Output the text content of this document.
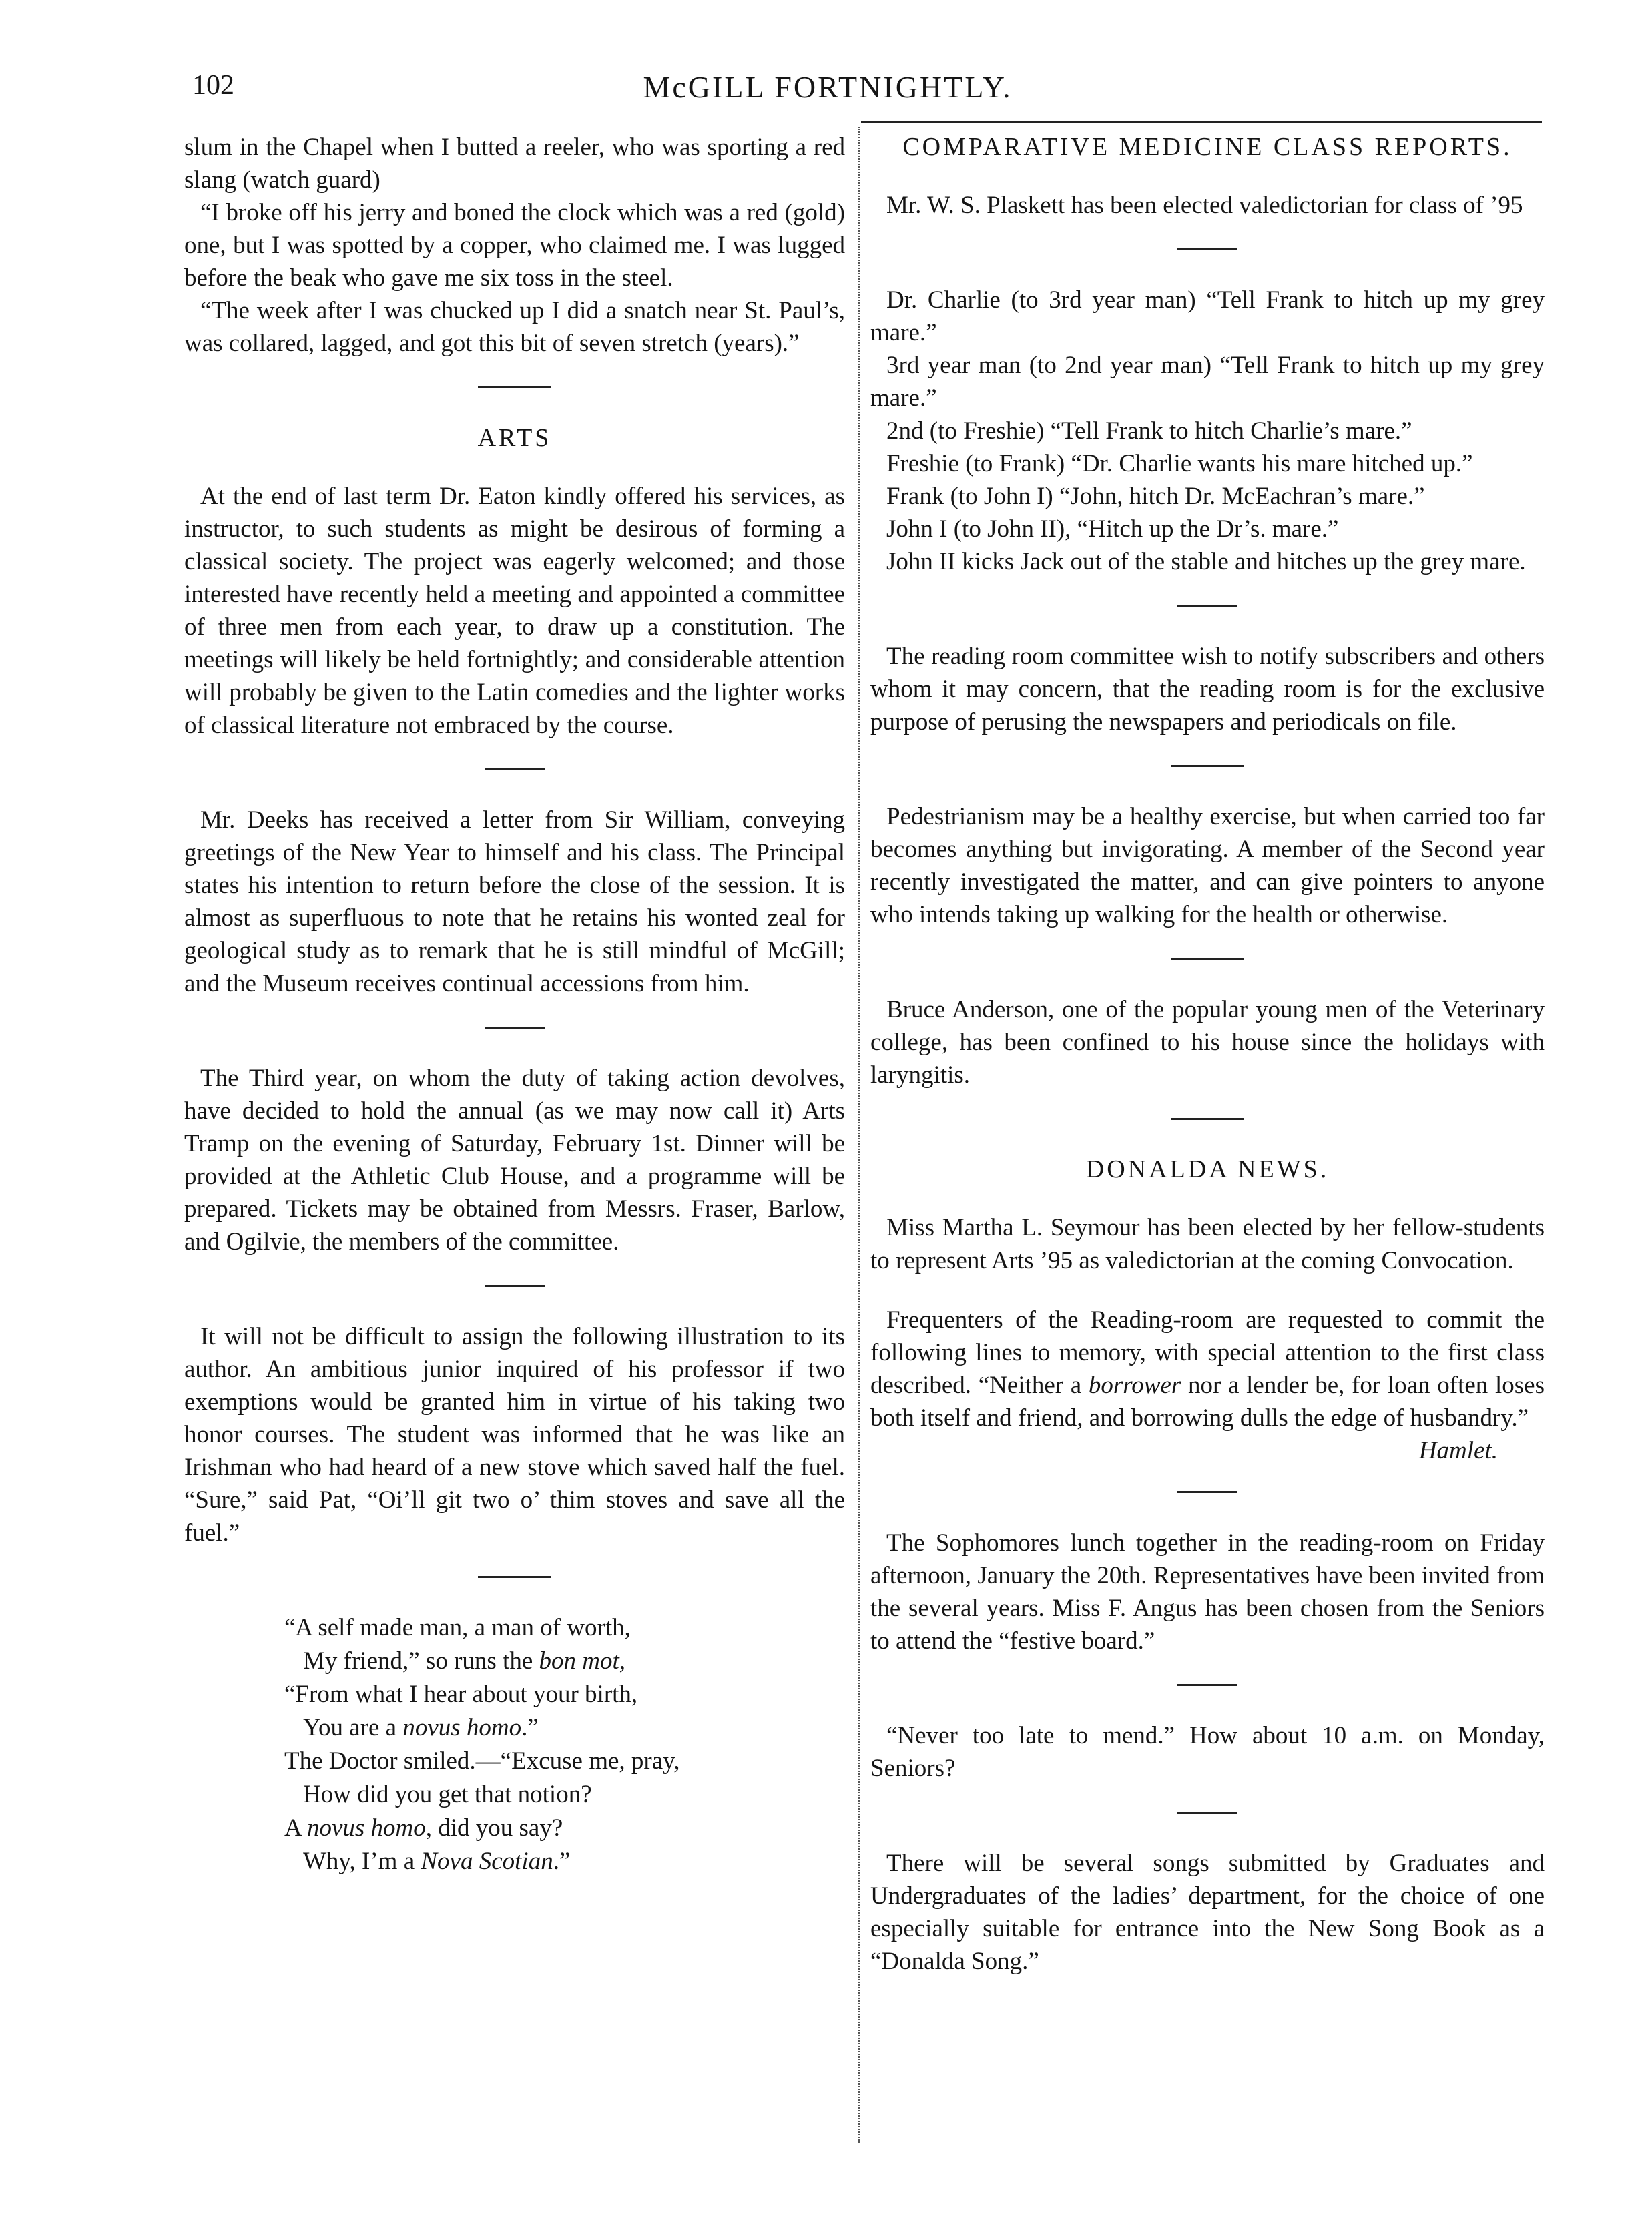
102	McGILL FORTNIGHTLY.

slum in the Chapel when I butted a reeler, who was sporting a red slang (watch guard)

“I broke off his jerry and boned the clock which was a red (gold) one, but I was spotted by a copper, who claimed me. I was lugged before the beak who gave me six toss in the steel.

“The week after I was chucked up I did a snatch near St. Paul’s, was collared, lagged, and got this bit of seven stretch (years).”

ARTS

At the end of last term Dr. Eaton kindly offered his services, as instructor, to such students as might be desirous of forming a classical society. The project was eagerly welcomed; and those interested have recently held a meeting and appointed a committee of three men from each year, to draw up a constitution. The meetings will likely be held fortnightly; and considerable attention will probably be given to the Latin comedies and the lighter works of classical literature not embraced by the course.

Mr. Deeks has received a letter from Sir William, conveying greetings of the New Year to himself and his class. The Principal states his intention to return before the close of the session. It is almost as superfluous to note that he retains his wonted zeal for geological study as to remark that he is still mindful of McGill; and the Museum receives continual accessions from him.

The Third year, on whom the duty of taking action devolves, have decided to hold the annual (as we may now call it) Arts Tramp on the evening of Saturday, February 1st. Dinner will be provided at the Athletic Club House, and a programme will be prepared. Tickets may be obtained from Messrs. Fraser, Barlow, and Ogilvie, the members of the committee.

It will not be difficult to assign the following illustration to its author. An ambitious junior inquired of his professor if two exemptions would be granted him in virtue of his taking two honor courses. The student was informed that he was like an Irishman who had heard of a new stove which saved half the fuel. “Sure,” said Pat, “Oi’ll git two o’ thim stoves and save all the fuel.”

“A self made man, a man of worth,
My friend,” so runs the bon mot,
“From what I hear about your birth,
You are a novus homo.”
The Doctor smiled.—“Excuse me, pray,
How did you get that notion?
A novus homo, did you say?
Why, I’m a Nova Scotian.”
COMPARATIVE MEDICINE CLASS REPORTS.

Mr. W. S. Plaskett has been elected valedictorian for class of ’95

Dr. Charlie (to 3rd year man) “Tell Frank to hitch up my grey mare.”

3rd year man (to 2nd year man) “Tell Frank to hitch up my grey mare.”

2nd (to Freshie) “Tell Frank to hitch Charlie’s mare.”

Freshie (to Frank) “Dr. Charlie wants his mare hitched up.”

Frank (to John I) “John, hitch Dr. McEachran’s mare.”

John I (to John II), “Hitch up the Dr’s. mare.”

John II kicks Jack out of the stable and hitches up the grey mare.

The reading room committee wish to notify subscribers and others whom it may concern, that the reading room is for the exclusive purpose of perusing the newspapers and periodicals on file.

Pedestrianism may be a healthy exercise, but when carried too far becomes anything but invigorating. A member of the Second year recently investigated the matter, and can give pointers to anyone who intends taking up walking for the health or otherwise.

Bruce Anderson, one of the popular young men of the Veterinary college, has been confined to his house since the holidays with laryngitis.

DONALDA NEWS.

Miss Martha L. Seymour has been elected by her fellow-students to represent Arts ’95 as valedictorian at the coming Convocation.

Frequenters of the Reading-room are requested to commit the following lines to memory, with special attention to the first class described. “Neither a borrower nor a lender be, for loan often loses both itself and friend, and borrowing dulls the edge of husbandry.”

Hamlet.

The Sophomores lunch together in the reading-room on Friday afternoon, January the 20th. Representatives have been invited from the several years. Miss F. Angus has been chosen from the Seniors to attend the “festive board.”

“Never too late to mend.” How about 10 a.m. on Monday, Seniors?

There will be several songs submitted by Graduates and Undergraduates of the ladies’ department, for the choice of one especially suitable for entrance into the New Song Book as a “Donalda Song.”
